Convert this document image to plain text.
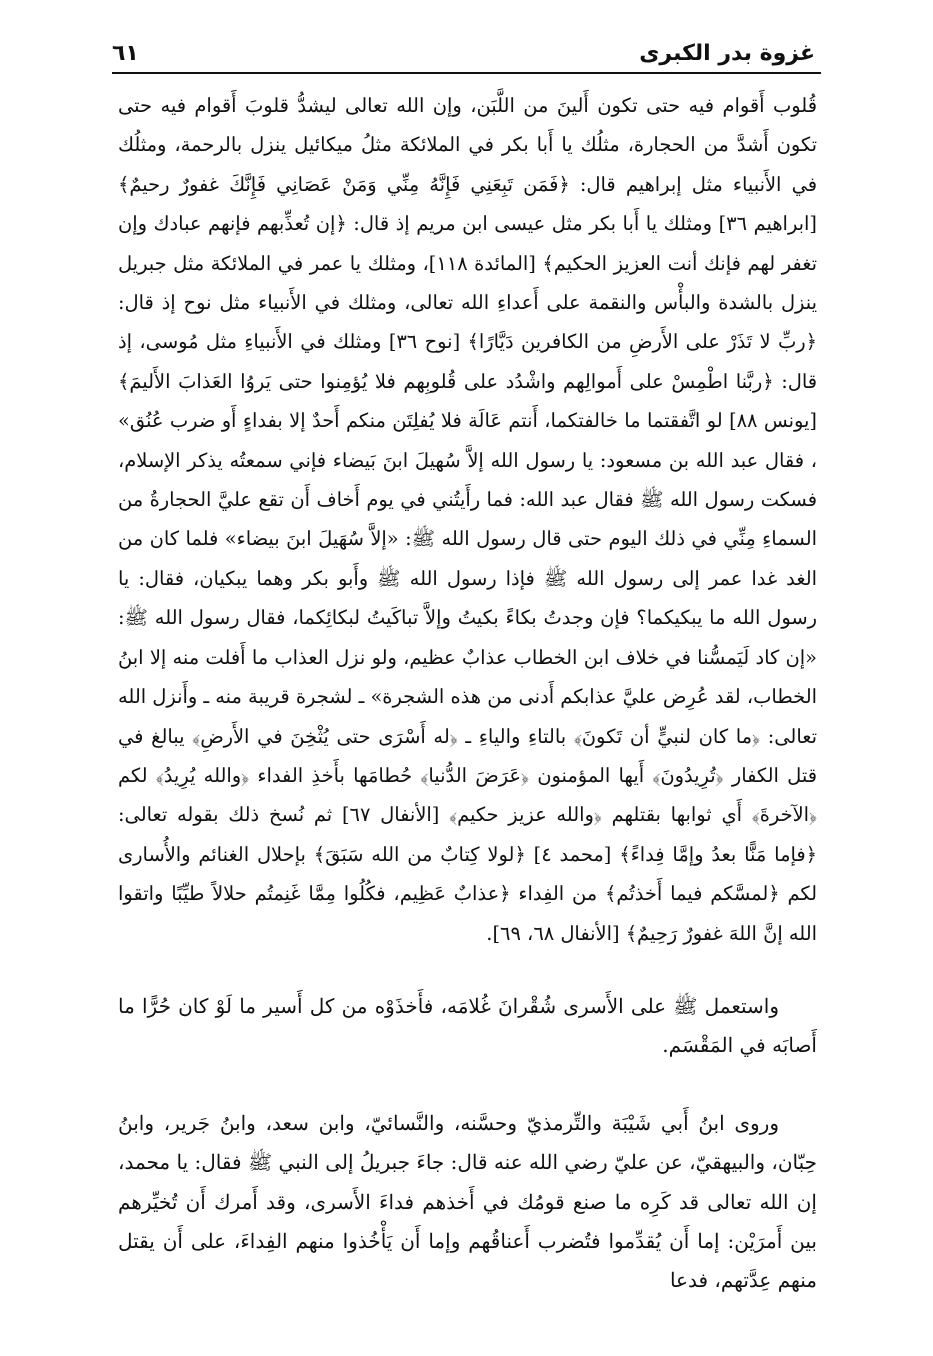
غزوة بدر الكبرى
٦١

قُلوب أَقوام فيه حتى تكون أَلينَ من اللَّبَن، وإن الله تعالى ليشدُّ قلوبَ أَقوام فيه حتى تكون أَشدَّ من الحجارة، مثلُك يا أَبا بكر في الملائكة مثلُ ميكائيل ينزل بالرحمة، ومثلُك في الأَنبياء مثل إبراهيم قال: ﴿فَمَن تَبِعَنِي فَإِنَّهُ مِنِّي وَمَنْ عَصَانِي فَإِنَّكَ غفورٌ رحيمٌ﴾ [ابراهيم ٣٦] ومثلك يا أَبا بكر مثل عيسى ابن مريم إذ قال: ﴿إن تُعذِّبهم فإنهم عبادك وإن تغفر لهم فإنك أنت العزيز الحكيم﴾ [المائدة ١١٨]، ومثلك يا عمر في الملائكة مثل جبريل ينزل بالشدة والبأْس والنقمة على أَعداءِ الله تعالى، ومثلك في الأَنبياء مثل نوح إذ قال: ﴿ربِّ لا تَذَرْ على الأَرضِ من الكافرين دَيَّارًا﴾ [نوح ٣٦] ومثلك في الأَنبياءِ مثل مُوسى، إذ قال: ﴿ربَّنا اطْمِسْ على أَموالِهم واشْدُد على قُلوبِهم فلا يُؤمِنوا حتى يَروُا العَذابَ الأَليمَ﴾ [يونس ٨٨] لو اتَّفقتما ما خالفتكما، أَنتم عَالَة فلا يُفلِتَن منكم أَحدٌ إلا بفداءٍ أَو ضرب عُنُق» ، فقال عبد الله بن مسعود: يا رسول الله إلاَّ سُهيلَ ابنَ بَيضاء فإني سمعتُه يذكر الإسلام، فسكت رسول الله ﷺ فقال عبد الله: فما رأَيتُني في يوم أَخاف أَن تقع عليَّ الحجارةُ من السماءِ مِنِّي في ذلك اليوم حتى قال رسول الله ﷺ: «إلاَّ سُهَيلَ ابنَ بيضاء» فلما كان من الغد غدا عمر إلى رسول الله ﷺ فإذا رسول الله ﷺ وأَبو بكر وهما يبكيان، فقال: يا رسول الله ما يبكيكما؟ فإن وجدتُ بكاءً بكيتُ وإلاَّ تباكَيتُ لبكائِكما، فقال رسول الله ﷺ: «إن كاد لَيَمسُّنا في خلاف ابن الخطاب عذابٌ عظيم، ولو نزل العذاب ما أَفلت منه إلا ابنُ الخطاب، لقد عُرِض عليَّ عذابكم أَدنى من هذه الشجرة» ـ لشجرة قريبة منه ـ وأَنزل الله تعالى: ﴿ما كان لنبيٍّ أن تَكونَ﴾ بالتاءِ والياءِ ـ ﴿له أَسْرَى حتى يُثْخِنَ في الأَرضِ﴾ يبالغ في قتل الكفار ﴿تُرِيدُونَ﴾ أَيها المؤمنون ﴿عَرَضَ الدُّنيا﴾ حُطامَها بأَخذِ الفداء ﴿والله يُرِيدُ﴾ لكم ﴿الآخرةَ﴾ أَي ثوابها بقتلهم ﴿والله عزيز حكيم﴾ [الأنفال ٦٧] ثم نُسخ ذلك بقوله تعالى: ﴿فإما مَنًّا بعدُ وإمَّا فِداءً﴾ [محمد ٤] ﴿لولا كِتابٌ من الله سَبَقَ﴾ بإحلال الغنائم والأُسارى لكم ﴿لمسَّكم فيما أَخذتُم﴾ من الفِداء ﴿عذابٌ عَظِيم، فكُلُوا مِمَّا غَنِمتُم حلالاً طيِّبًا واتقوا الله إنَّ اللهَ غفورٌ رَحِيمٌ﴾ [الأنفال ٦٨، ٦٩].

واستعمل ﷺ على الأَسرى شُقْرانَ غُلامَه، فأَخذَوْه من كل أَسير ما لَوْ كان حُرًّا ما أَصابَه في المَقْسَم.

وروى ابنُ أَبي شَيْبَة والتِّرمذيّ وحسَّنه، والنَّسائيّ، وابن سعد، وابنُ جَرير، وابنُ حِبّان، والبيهقيّ، عن عليّ رضي الله عنه قال: جاءَ جبريلُ إلى النبي ﷺ فقال: يا محمد، إن الله تعالى قد كَرِه ما صنع قومُك في أَخذهم فداءَ الأَسرى، وقد أَمرك أَن تُخيِّرهم بين أَمرَيْن: إما أَن يُقدِّموا فتُضرب أَعناقُهم وإما أَن يَأْخُذوا منهم الفِداءَ، على أَن يقتل منهم عِدَّتهم، فدعا
